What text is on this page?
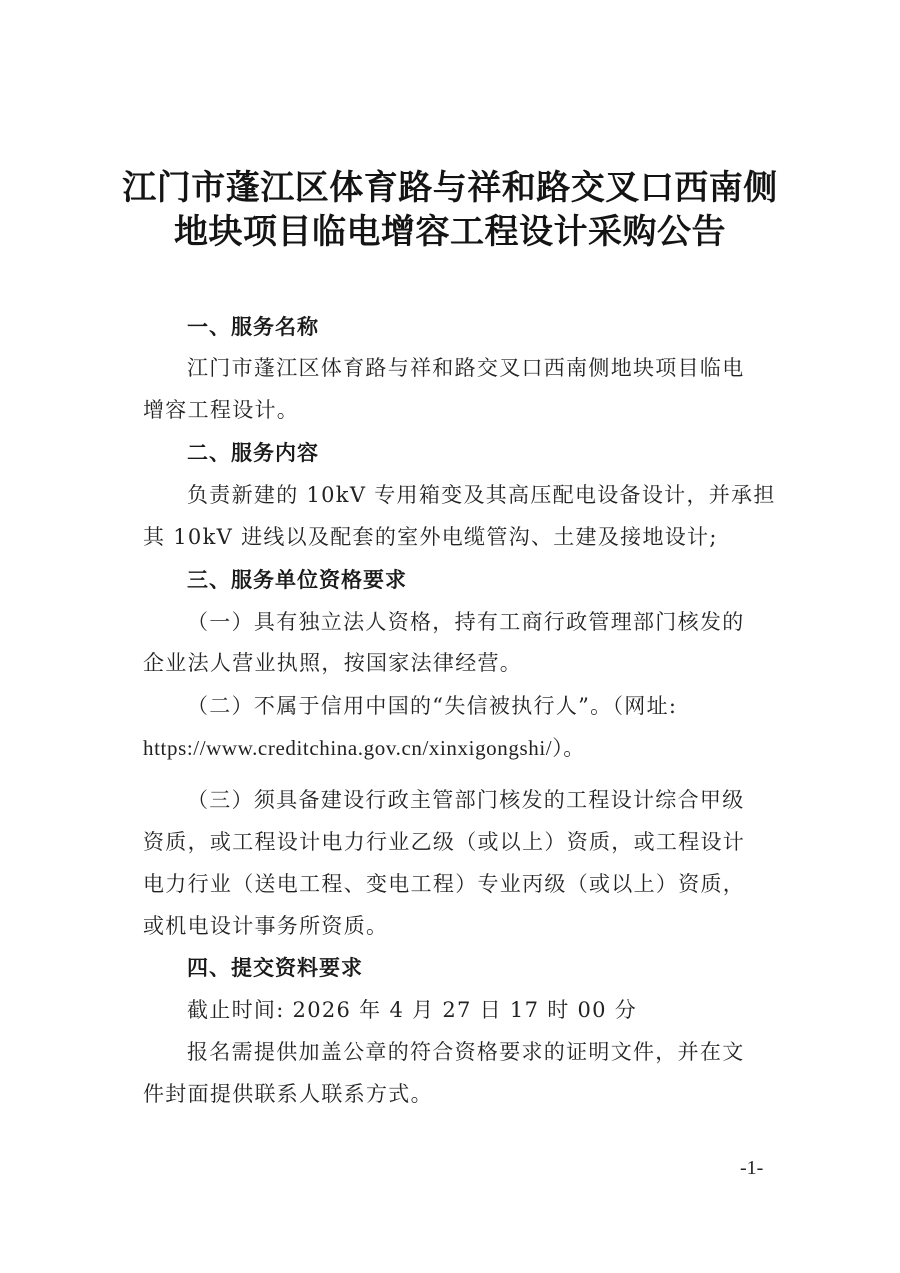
江门市蓬江区体育路与祥和路交叉口西南侧
地块项目临电增容工程设计采购公告
一、服务名称
江门市蓬江区体育路与祥和路交叉口西南侧地块项目临电
增容工程设计。
二、服务内容
负责新建的 10kV 专用箱变及其高压配电设备设计，并承担
其 10kV 进线以及配套的室外电缆管沟、土建及接地设计;
三、服务单位资格要求
（一）具有独立法人资格，持有工商行政管理部门核发的
企业法人营业执照，按国家法律经营。
（二）不属于信用中国的“失信被执行人”。（网址:
https://www.creditchina.gov.cn/xinxigongshi/）。
（三）须具备建设行政主管部门核发的工程设计综合甲级
资质，或工程设计电力行业乙级（或以上）资质，或工程设计
电力行业（送电工程、变电工程）专业丙级（或以上）资质，
或机电设计事务所资质。
四、提交资料要求
截止时间: 2026 年 4 月 27 日 17 时 00 分
报名需提供加盖公章的符合资格要求的证明文件，并在文
件封面提供联系人联系方式。
-1-
